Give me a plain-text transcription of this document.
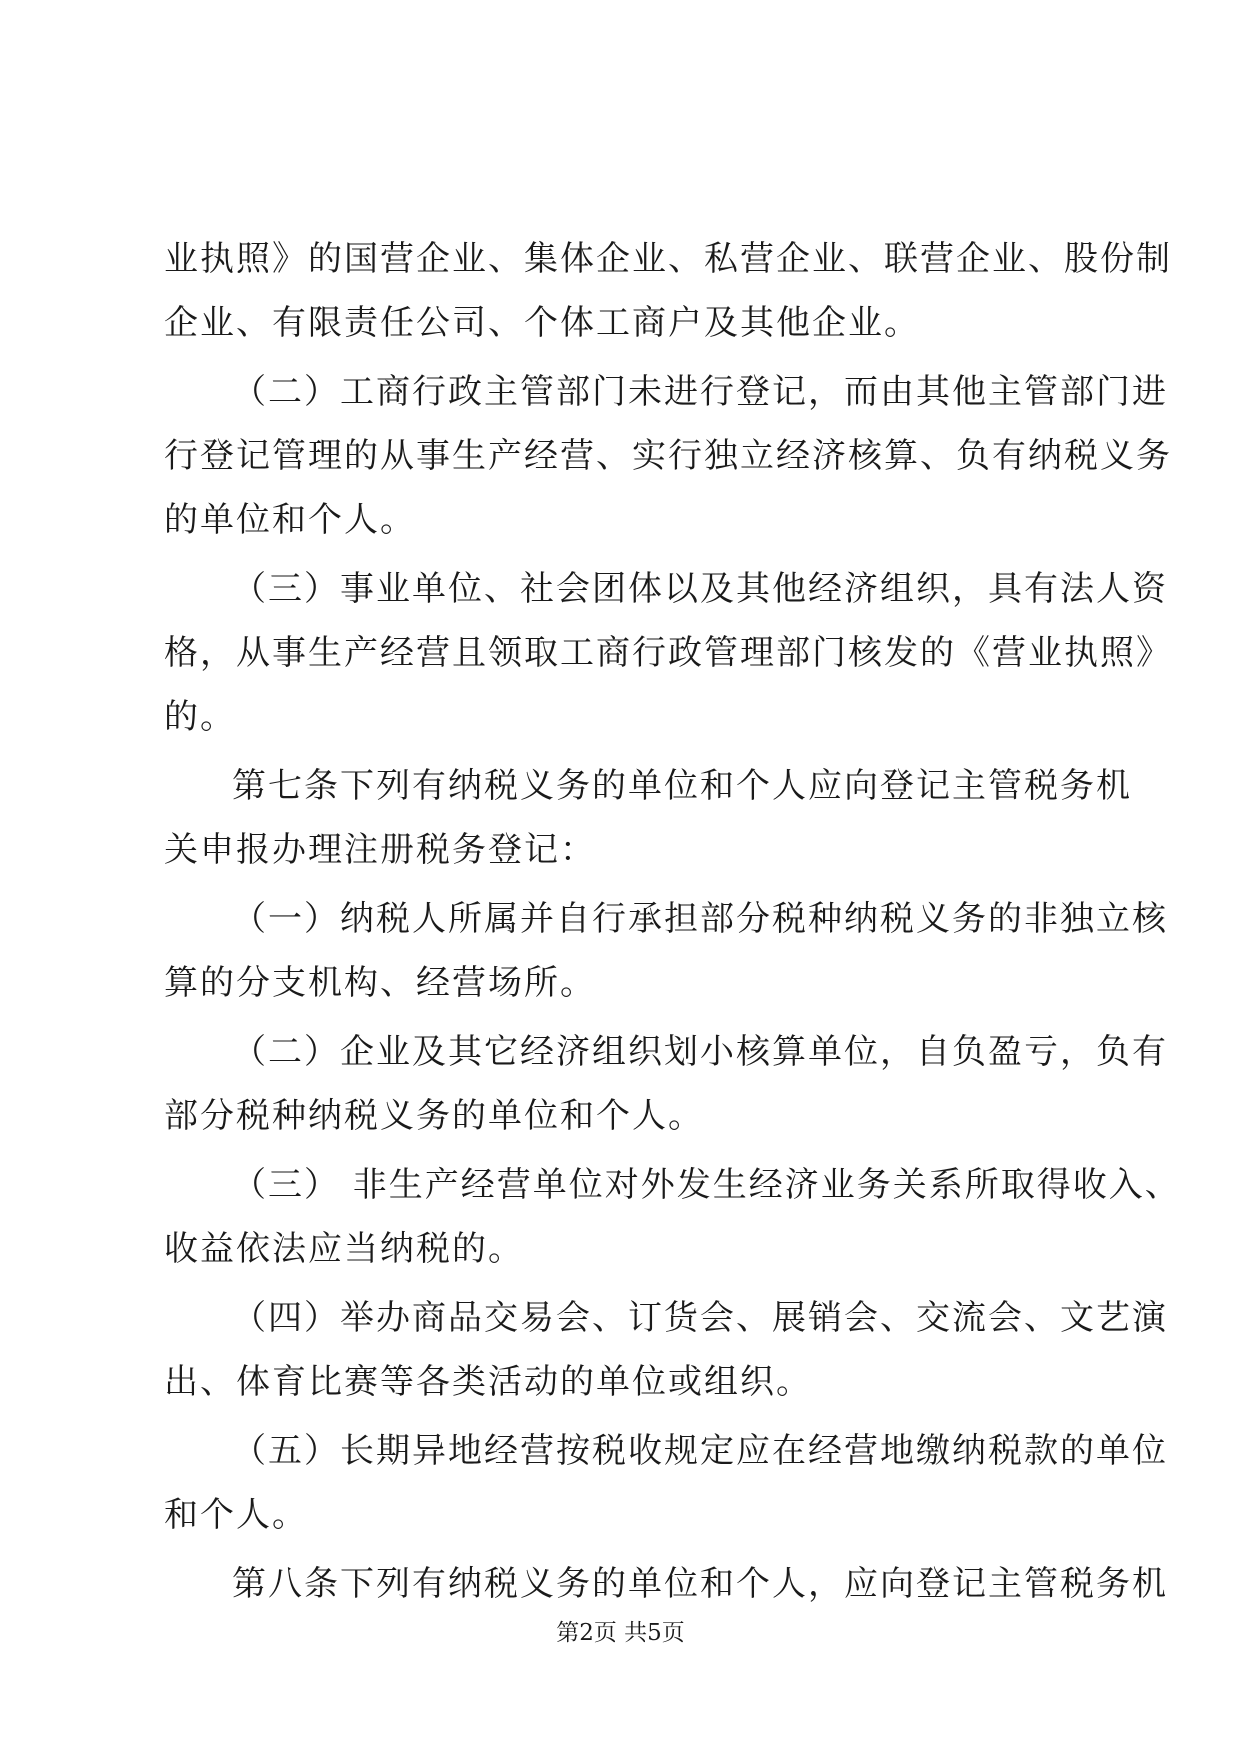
业执照》的国营企业、集体企业、私营企业、联营企业、股份制
企业、有限责任公司、个体工商户及其他企业。
（二）工商行政主管部门未进行登记，而由其他主管部门进
行登记管理的从事生产经营、实行独立经济核算、负有纳税义务
的单位和个人。
（三）事业单位、社会团体以及其他经济组织，具有法人资
格，从事生产经营且领取工商行政管理部门核发的《营业执照》
的。
第七条下列有纳税义务的单位和个人应向登记主管税务机
关申报办理注册税务登记：
（一）纳税人所属并自行承担部分税种纳税义务的非独立核
算的分支机构、经营场所。
（二）企业及其它经济组织划小核算单位，自负盈亏，负有
部分税种纳税义务的单位和个人。
（三） 非生产经营单位对外发生经济业务关系所取得收入、
收益依法应当纳税的。
（四）举办商品交易会、订货会、展销会、交流会、文艺演
出、体育比赛等各类活动的单位或组织。
（五）长期异地经营按税收规定应在经营地缴纳税款的单位
和个人。
第八条下列有纳税义务的单位和个人，应向登记主管税务机
第2页 共5页
